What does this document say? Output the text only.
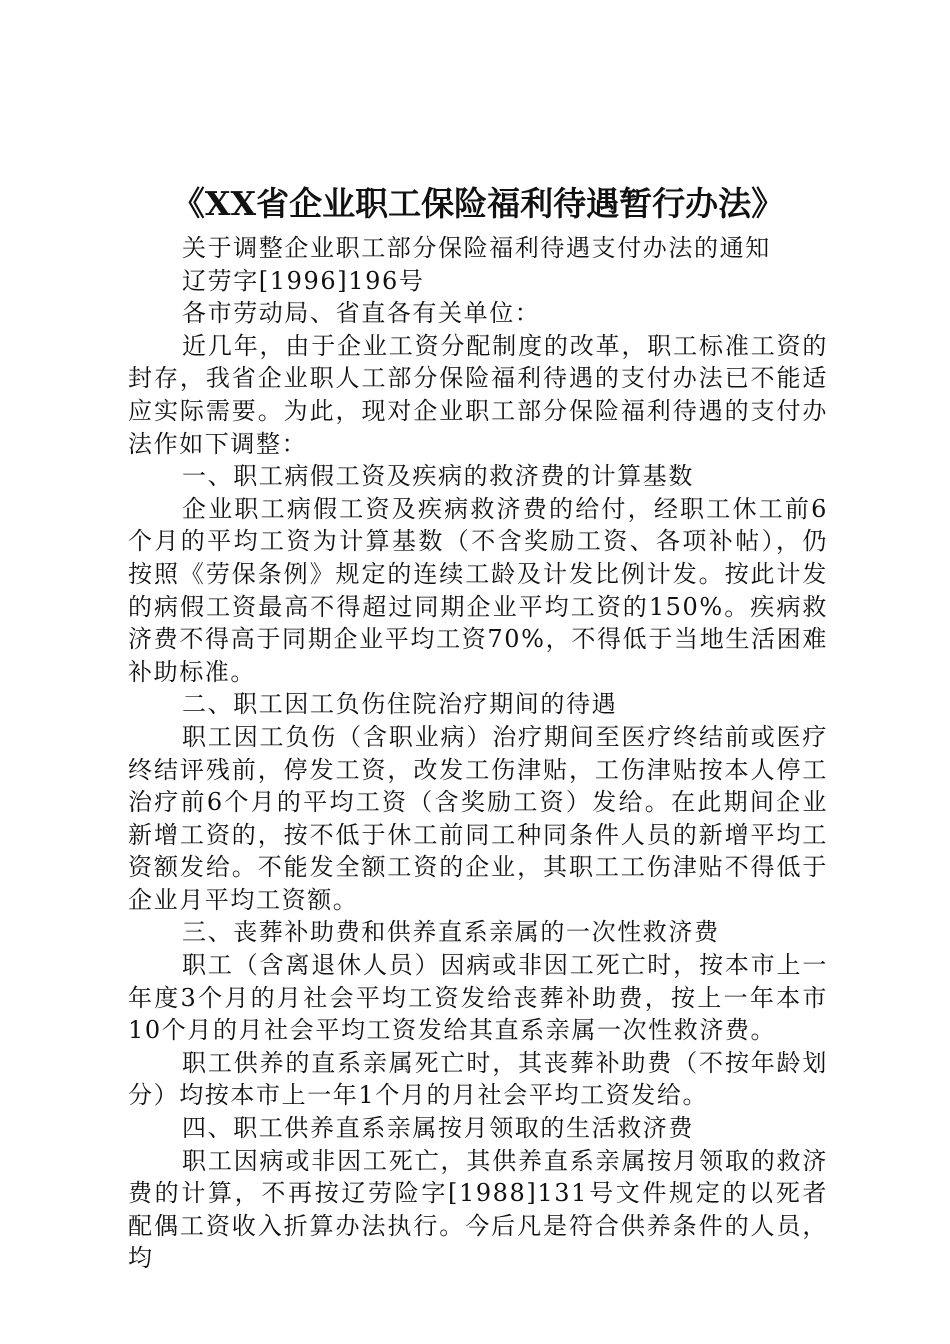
《XX省企业职工保险福利待遇暂行办法》

关于调整企业职工部分保险福利待遇支付办法的通知

辽劳字[1996]196号

各市劳动局、省直各有关单位：

近几年，由于企业工资分配制度的改革，职工标准工资的封存，我省企业职人工部分保险福利待遇的支付办法已不能适应实际需要。为此，现对企业职工部分保险福利待遇的支付办法作如下调整：

一、职工病假工资及疾病的救济费的计算基数

企业职工病假工资及疾病救济费的给付，经职工休工前6个月的平均工资为计算基数（不含奖励工资、各项补帖），仍按照《劳保条例》规定的连续工龄及计发比例计发。按此计发的病假工资最高不得超过同期企业平均工资的150%。疾病救济费不得高于同期企业平均工资70%，不得低于当地生活困难补助标准。

二、职工因工负伤住院治疗期间的待遇

职工因工负伤（含职业病）治疗期间至医疗终结前或医疗终结评残前，停发工资，改发工伤津贴，工伤津贴按本人停工治疗前6个月的平均工资（含奖励工资）发给。在此期间企业新增工资的，按不低于休工前同工种同条件人员的新增平均工资额发给。不能发全额工资的企业，其职工工伤津贴不得低于企业月平均工资额。

三、丧葬补助费和供养直系亲属的一次性救济费

职工（含离退休人员）因病或非因工死亡时，按本市上一年度3个月的月社会平均工资发给丧葬补助费，按上一年本市10个月的月社会平均工资发给其直系亲属一次性救济费。

职工供养的直系亲属死亡时，其丧葬补助费（不按年龄划分）均按本市上一年1个月的月社会平均工资发给。

四、职工供养直系亲属按月领取的生活救济费

职工因病或非因工死亡，其供养直系亲属按月领取的救济费的计算，不再按辽劳险字[1988]131号文件规定的以死者配偶工资收入折算办法执行。今后凡是符合供养条件的人员，均
